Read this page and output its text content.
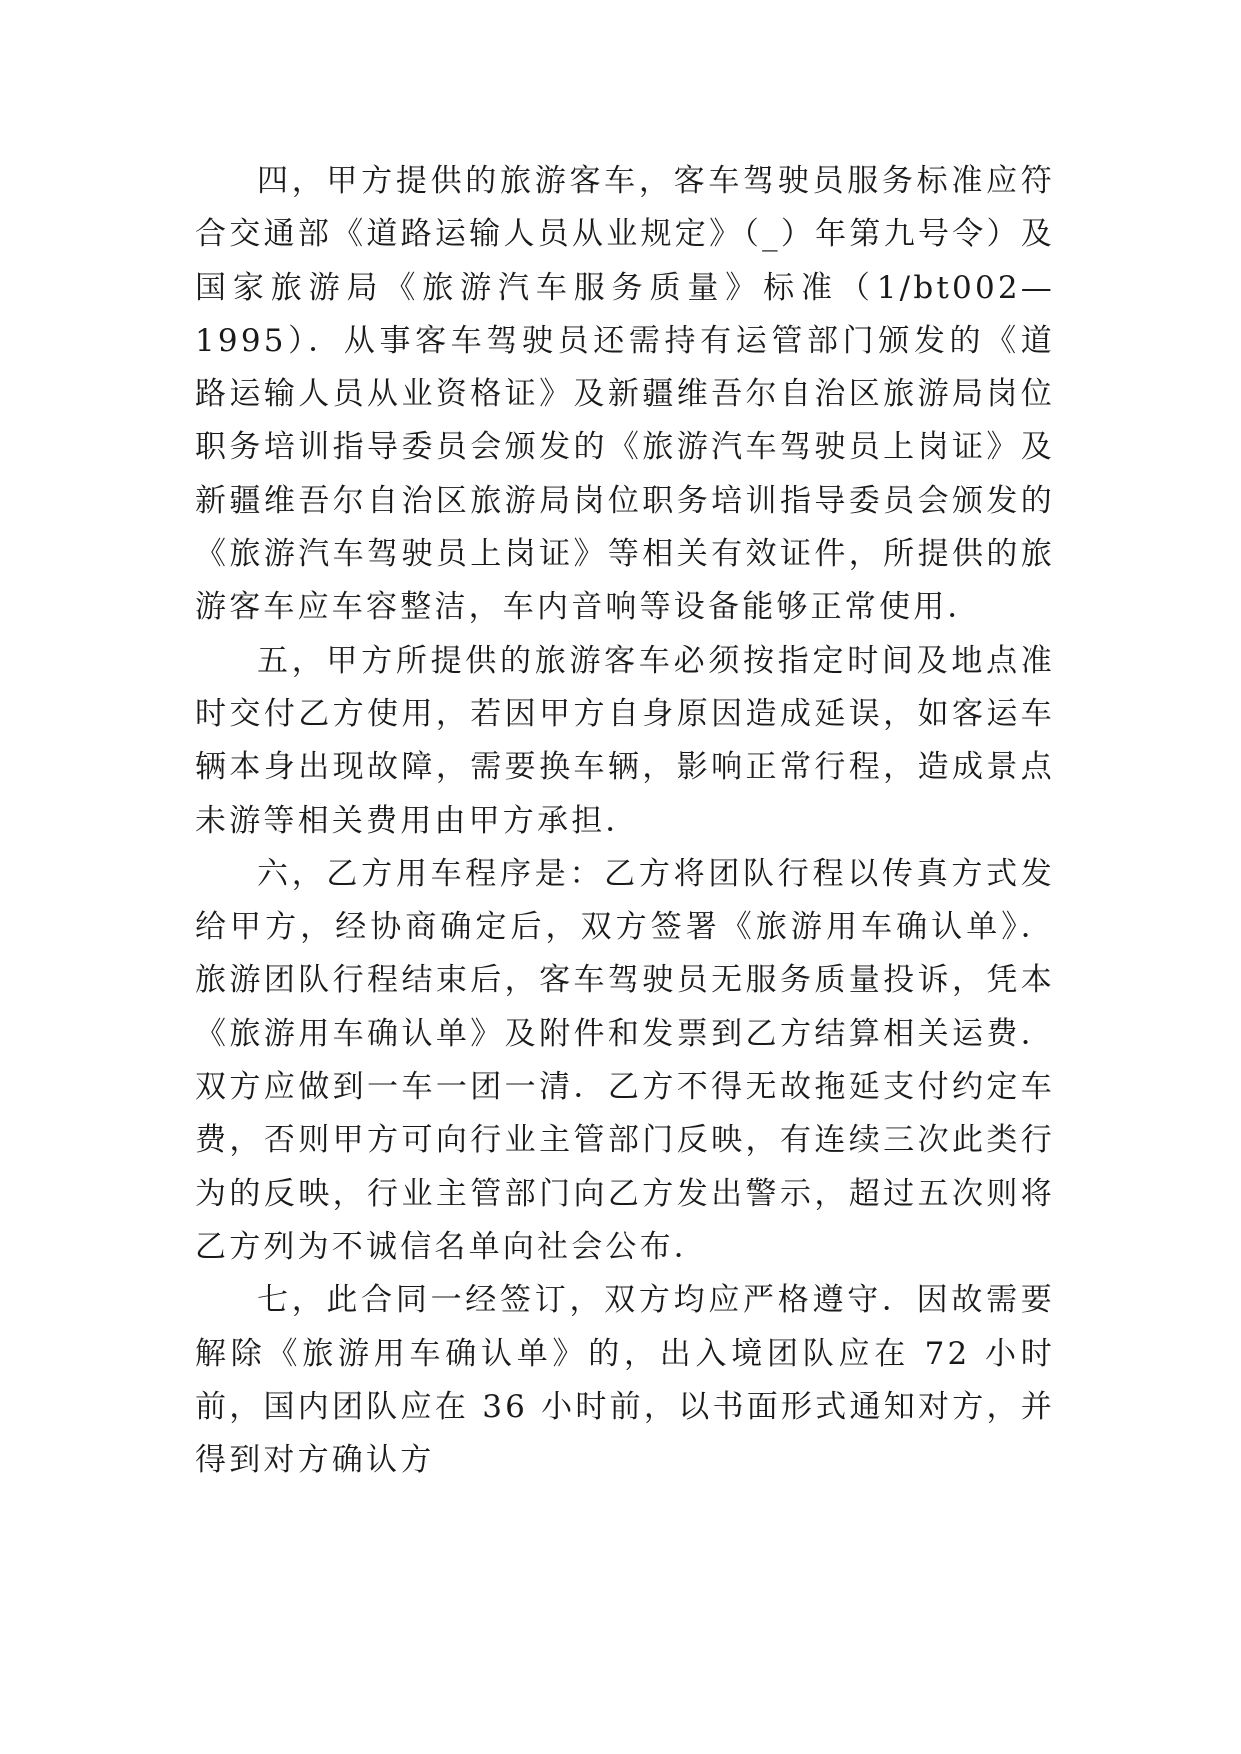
四，甲方提供的旅游客车，客车驾驶员服务标准应符合交通部《道路运输人员从业规定》（_）年第九号令）及国家旅游局《旅游汽车服务质量》标准（1/bt002—1995）．从事客车驾驶员还需持有运管部门颁发的《道路运输人员从业资格证》及新疆维吾尔自治区旅游局岗位职务培训指导委员会颁发的《旅游汽车驾驶员上岗证》及新疆维吾尔自治区旅游局岗位职务培训指导委员会颁发的《旅游汽车驾驶员上岗证》等相关有效证件，所提供的旅游客车应车容整洁，车内音响等设备能够正常使用．

五，甲方所提供的旅游客车必须按指定时间及地点准时交付乙方使用，若因甲方自身原因造成延误，如客运车辆本身出现故障，需要换车辆，影响正常行程，造成景点未游等相关费用由甲方承担．

六，乙方用车程序是：乙方将团队行程以传真方式发给甲方，经协商确定后，双方签署《旅游用车确认单》．旅游团队行程结束后，客车驾驶员无服务质量投诉，凭本《旅游用车确认单》及附件和发票到乙方结算相关运费．双方应做到一车一团一清．乙方不得无故拖延支付约定车费，否则甲方可向行业主管部门反映，有连续三次此类行为的反映，行业主管部门向乙方发出警示，超过五次则将乙方列为不诚信名单向社会公布．

七，此合同一经签订，双方均应严格遵守．因故需要解除《旅游用车确认单》的，出入境团队应在 72 小时前，国内团队应在 36 小时前，以书面形式通知对方，并得到对方确认方
